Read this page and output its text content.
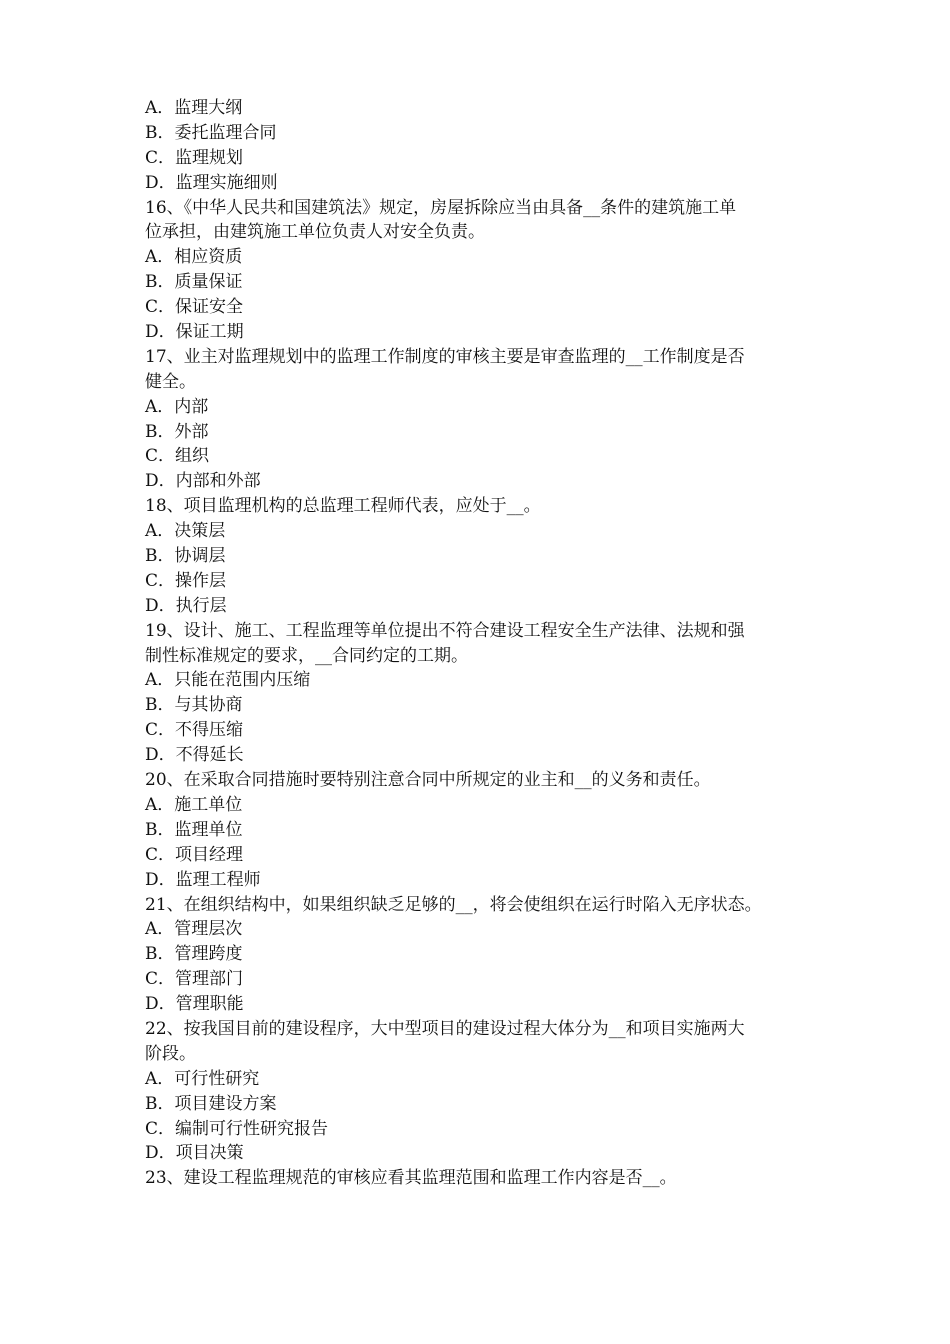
A．监理大纲
B．委托监理合同
C．监理规划
D．监理实施细则
16、《中华人民共和国建筑法》规定，房屋拆除应当由具备__条件的建筑施工单
位承担，由建筑施工单位负责人对安全负责。
A．相应资质
B．质量保证
C．保证安全
D．保证工期
17、业主对监理规划中的监理工作制度的审核主要是审查监理的__工作制度是否
健全。
A．内部
B．外部
C．组织
D．内部和外部
18、项目监理机构的总监理工程师代表，应处于__。
A．决策层
B．协调层
C．操作层
D．执行层
19、设计、施工、工程监理等单位提出不符合建设工程安全生产法律、法规和强
制性标准规定的要求，__合同约定的工期。
A．只能在范围内压缩
B．与其协商
C．不得压缩
D．不得延长
20、在采取合同措施时要特别注意合同中所规定的业主和__的义务和责任。
A．施工单位
B．监理单位
C．项目经理
D．监理工程师
21、在组织结构中，如果组织缺乏足够的__，将会使组织在运行时陷入无序状态。
A．管理层次
B．管理跨度
C．管理部门
D．管理职能
22、按我国目前的建设程序，大中型项目的建设过程大体分为__和项目实施两大
阶段。
A．可行性研究
B．项目建设方案
C．编制可行性研究报告
D．项目决策
23、建设工程监理规范的审核应看其监理范围和监理工作内容是否__。
